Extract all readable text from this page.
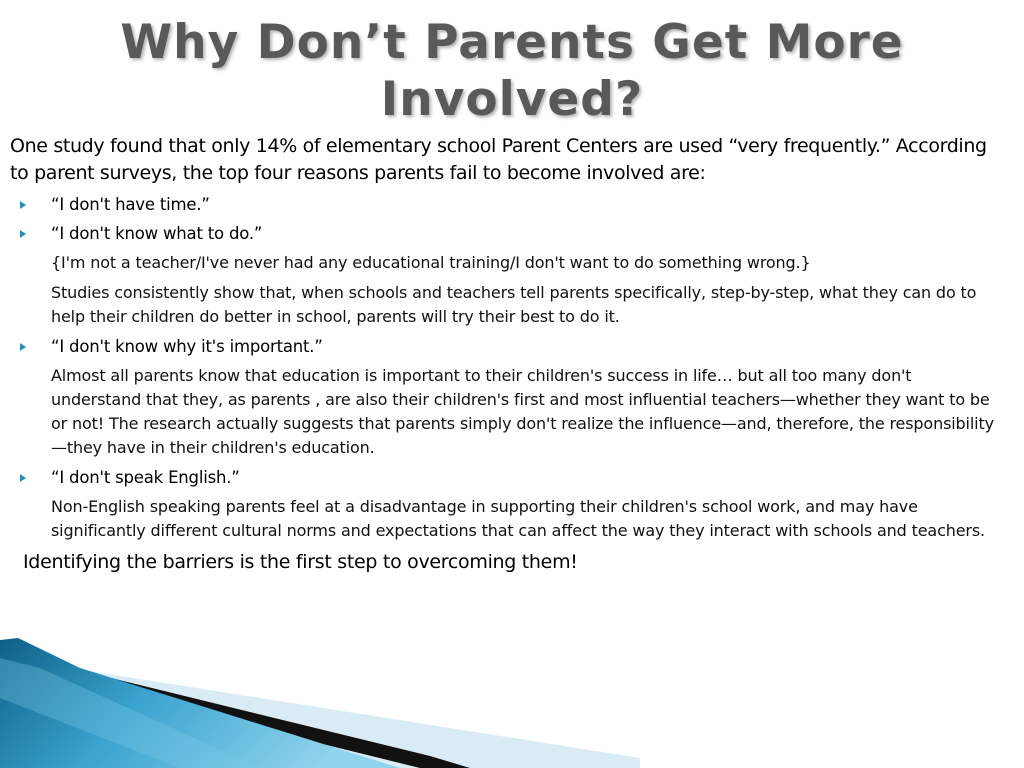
Why Don’t Parents Get More Involved?

One study found that only 14% of elementary school Parent Centers are used “very frequently.” According to parent surveys, the top four reasons parents fail to become involved are:

“I don't have time.”
“I don't know what to do.”

{I'm not a teacher/I've never had any educational training/I don't want to do something wrong.}

Studies consistently show that, when schools and teachers tell parents specifically, step-by-step, what they can do to help their children do better in school, parents will try their best to do it.

“I don't know why it's important.”

Almost all parents know that education is important to their children's success in life… but all too many don't understand that they, as parents , are also their children's first and most influential teachers—whether they want to be or not! The research actually suggests that parents simply don't realize the influence—and, therefore, the responsibility—they have in their children's education.

“I don't speak English.”

Non-English speaking parents feel at a disadvantage in supporting their children's school work, and may have significantly different cultural norms and expectations that can affect the way they interact with schools and teachers.

Identifying the barriers is the first step to overcoming them!
